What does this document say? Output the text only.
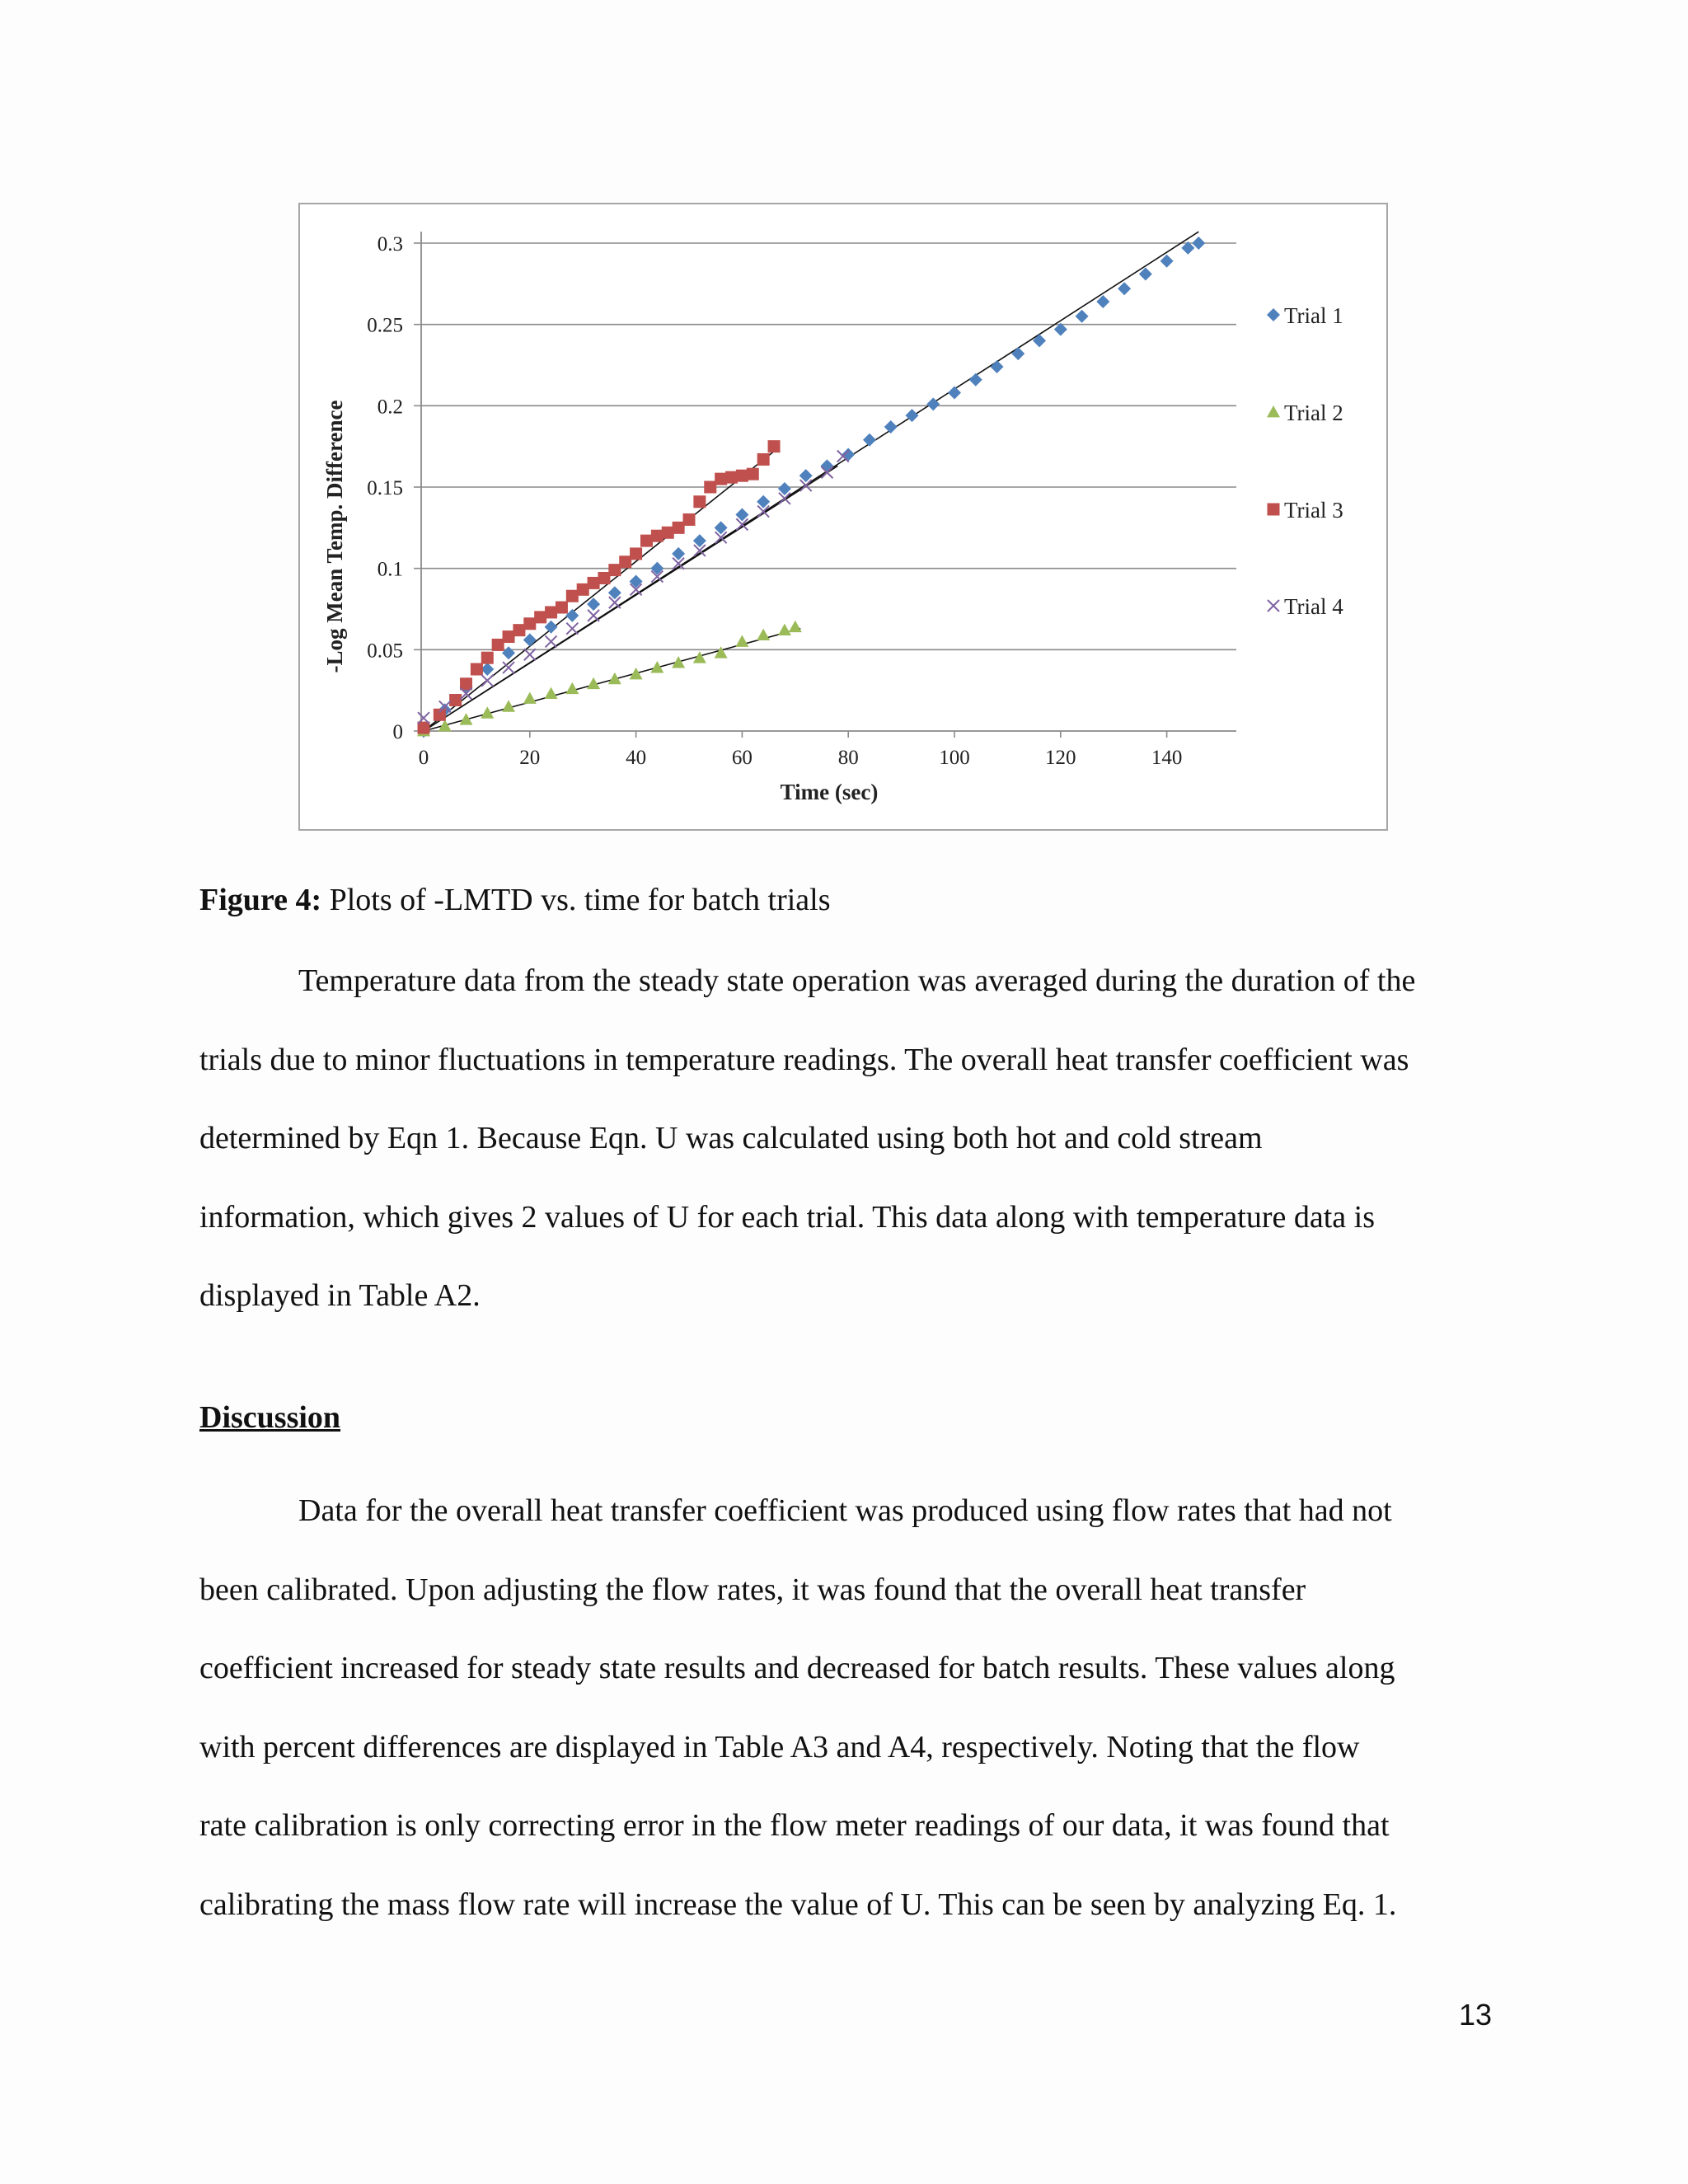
0
0.05
0.1
0.15
0.2
0.25
0.3
0	20	40	60	80	100	120	140
Trial 1
Trial 2
Trial 3
Trial 4
Time (sec)
-Log Mean Temp. Difference
Figure 4: Plots of -LMTD vs. time for batch trials
Temperature data from the steady state operation was averaged during the duration of the
trials due to minor fluctuations in temperature readings. The overall heat transfer coefficient was
determined by Eqn 1. Because Eqn. U was calculated using both hot and cold stream
information, which gives 2 values of U for each trial. This data along with temperature data is
displayed in Table A2.
Discussion
Data for the overall heat transfer coefficient was produced using flow rates that had not
been calibrated. Upon adjusting the flow rates, it was found that the overall heat transfer
coefficient increased for steady state results and decreased for batch results. These values along
with percent differences are displayed in Table A3 and A4, respectively. Noting that the flow
rate calibration is only correcting error in the flow meter readings of our data, it was found that
calibrating the mass flow rate will increase the value of U. This can be seen by analyzing Eq. 1.
13
